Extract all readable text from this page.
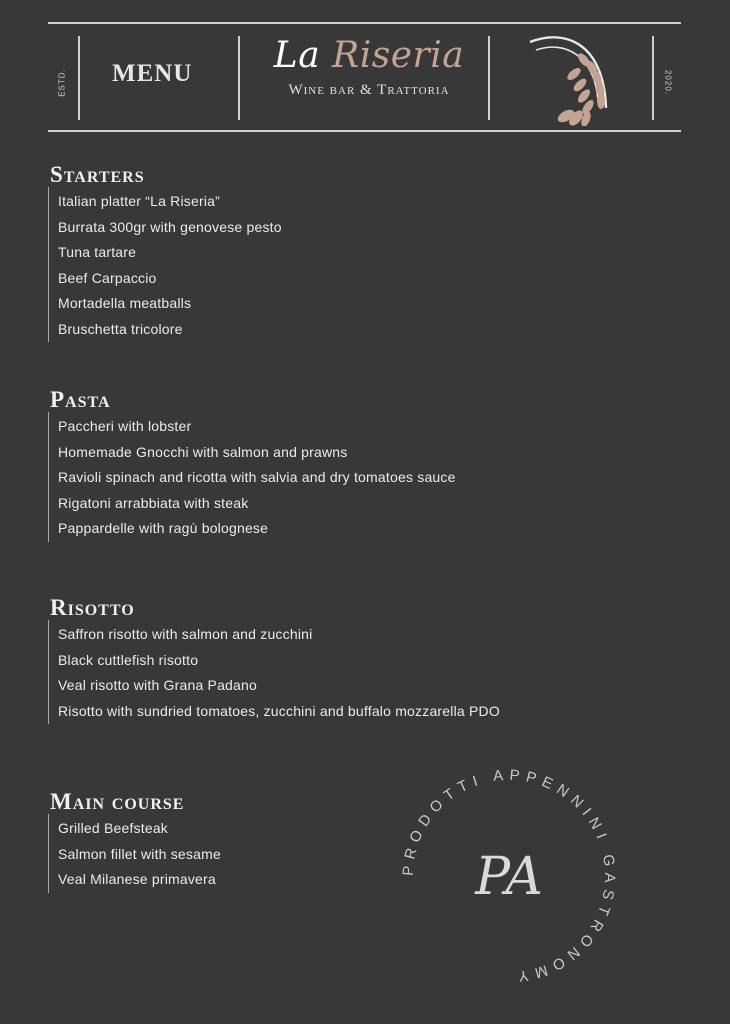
ESTD.	2020.
MENU	La Riseria
Wine bar & Trattoria
Starters
Italian platter “La Riseria”
Burrata 300gr with genovese pesto
Tuna tartare
Beef Carpaccio
Mortadella meatballs
Bruschetta tricolore
Pasta
Paccheri with lobster
Homemade Gnocchi with salmon and prawns
Ravioli spinach and ricotta with salvia and dry tomatoes sauce
Rigatoni arrabbiata with steak
Pappardelle with ragù bolognese
Risotto
Saffron risotto with salmon and zucchini
Black cuttlefish risotto
Veal risotto with Grana Padano
Risotto with sundried tomatoes, zucchini and buffalo mozzarella PDO
Main course
Grilled Beefsteak
Salmon fillet with sesame
Veal Milanese primavera
PRODOTTI APPENNINI GASTRONOMY
PA
